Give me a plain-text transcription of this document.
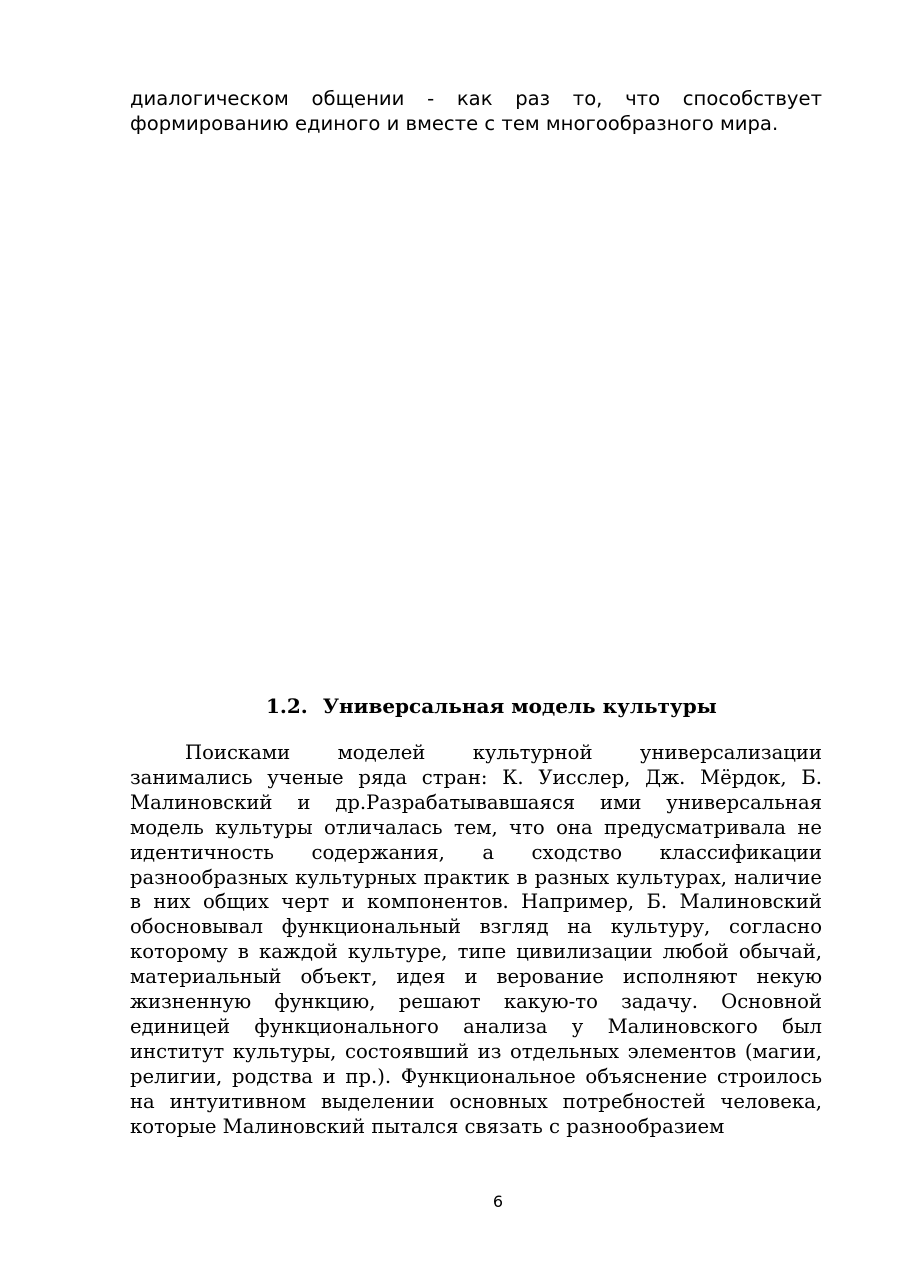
диалогическом общении - как раз то, что способствует формированию единого и вместе с тем многообразного мира.

1.2. Универсальная модель культуры

Поисками моделей культурной универсализации занимались ученые ряда стран: К. Уисслер, Дж. Мёрдок, Б. Малиновский и др.Разрабатывавшаяся ими универсальная модель культуры отличалась тем, что она предусматривала не идентичность содержания, а сходство классификации разнообразных культурных практик в разных культурах, наличие в них общих черт и компонентов. Например, Б. Малиновский обосновывал функциональный взгляд на культуру, согласно которому в каждой культуре, типе цивилизации любой обычай, материальный объект, идея и верование исполняют некую жизненную функцию, решают какую-то задачу. Основной единицей функционального анализа у Малиновского был институт культуры, состоявший из отдельных элементов (магии, религии, родства и пр.). Функциональное объяснение строилось на интуитивном выделении основных потребностей человека, которые Малиновский пытался связать с разнообразием

6
